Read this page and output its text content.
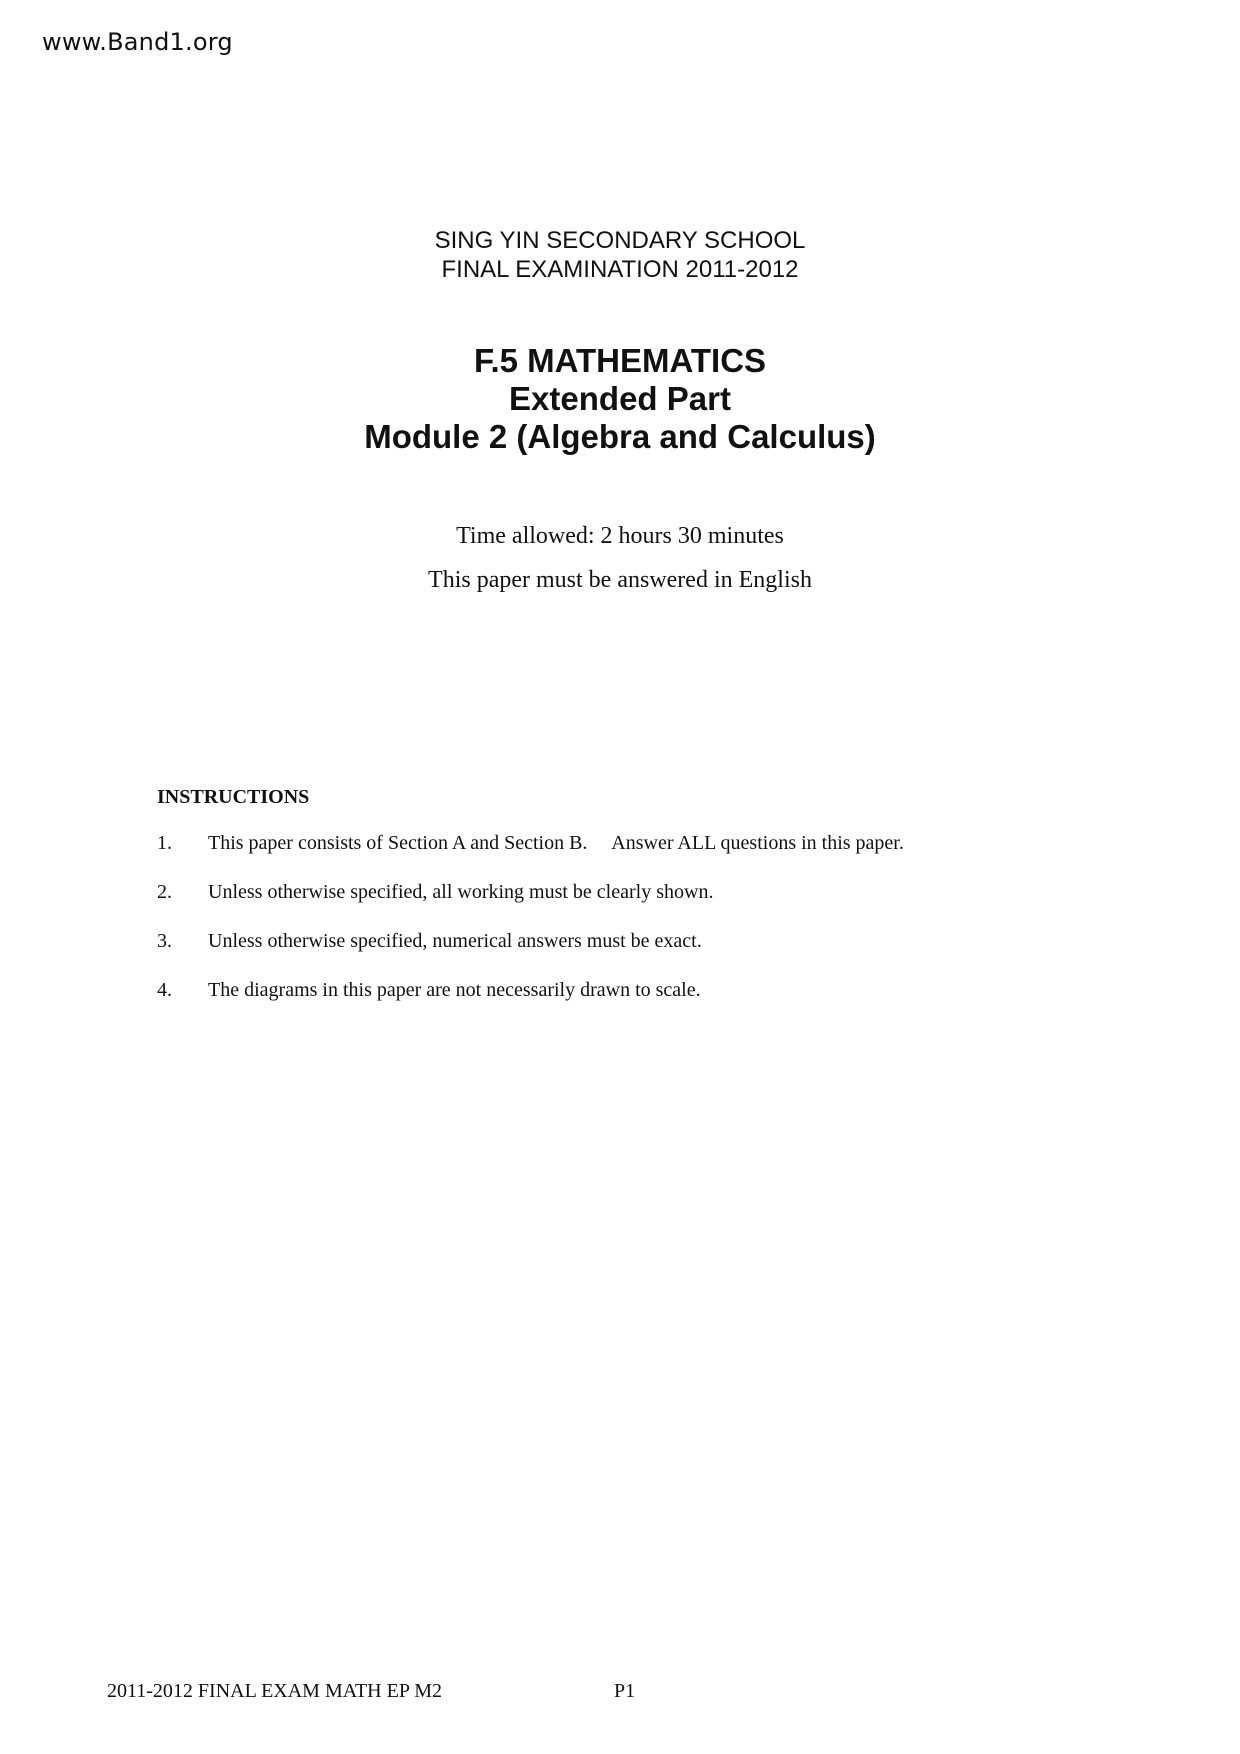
www.Band1.org
SING YIN SECONDARY SCHOOL
FINAL EXAMINATION 2011-2012
F.5 MATHEMATICS
Extended Part
Module 2 (Algebra and Calculus)
Time allowed: 2 hours 30 minutes
This paper must be answered in English
INSTRUCTIONS
1.	This paper consists of Section A and Section B.  Answer ALL questions in this paper.
2.	Unless otherwise specified, all working must be clearly shown.
3.	Unless otherwise specified, numerical answers must be exact.
4.	The diagrams in this paper are not necessarily drawn to scale.
2011-2012 FINAL EXAM MATH EP M2	P1
